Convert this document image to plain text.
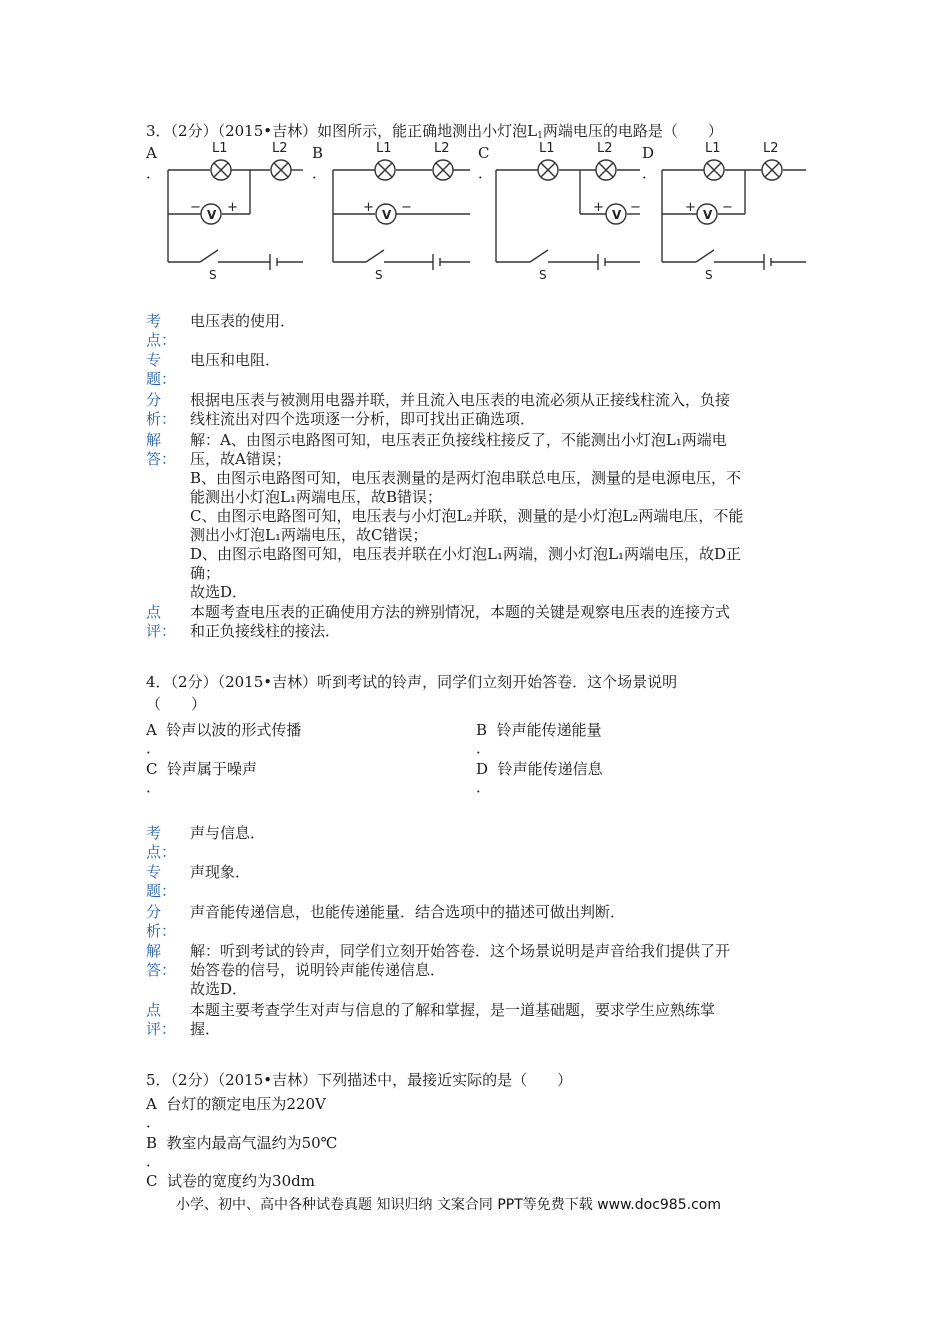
3．（2分）（2015•吉林）如图所示，能正确地测出小灯泡$L_1$两端电压的电路是（　　）
A
．
B
．
C
．
D
．
L1	L2
V
− +
S
L1	L2
V
+ −
S
L1	L2
V
+ −
S
L1	L2
V
+ −
S
考
点：
电压表的使用．
专
题：
电压和电阻．
分
析：
根据电压表与被测用电器并联，并且流入电压表的电流必须从正接线柱流入，负接
线柱流出对四个选项逐一分析，即可找出正确选项．
解
答：
解：A、由图示电路图可知，电压表正负接线柱接反了，不能测出小灯泡L₁两端电
压，故A错误；
B、由图示电路图可知，电压表测量的是两灯泡串联总电压，测量的是电源电压，不
能测出小灯泡L₁两端电压，故B错误；
C、由图示电路图可知，电压表与小灯泡L₂并联，测量的是小灯泡L₂两端电压，不能
测出小灯泡L₁两端电压，故C错误；
D、由图示电路图可知，电压表并联在小灯泡L₁两端，测小灯泡L₁两端电压，故D正
确；
故选D．
点
评：
本题考查电压表的正确使用方法的辨别情况，本题的关键是观察电压表的连接方式
和正负接线柱的接法．
4．（2分）（2015•吉林）听到考试的铃声，同学们立刻开始答卷．这个场景说明
（　　）
A 铃声以波的形式传播
．
B 铃声能传递能量
．
C 铃声属于噪声
．
D 铃声能传递信息
．
考
点：
声与信息．
专
题：
声现象．
分
析：
声音能传递信息，也能传递能量．结合选项中的描述可做出判断．
解
答：
解：听到考试的铃声，同学们立刻开始答卷．这个场景说明是声音给我们提供了开
始答卷的信号，说明铃声能传递信息．
故选D．
点
评：
本题主要考查学生对声与信息的了解和掌握，是一道基础题，要求学生应熟练掌
握．
5．（2分）（2015•吉林）下列描述中，最接近实际的是（　　）
A 台灯的额定电压为220V
．
B 教室内最高气温约为50℃
．
C 试卷的宽度约为30dm
小学、初中、高中各种试卷真题 知识归纳 文案合同 PPT等免费下载 www.doc985.com
